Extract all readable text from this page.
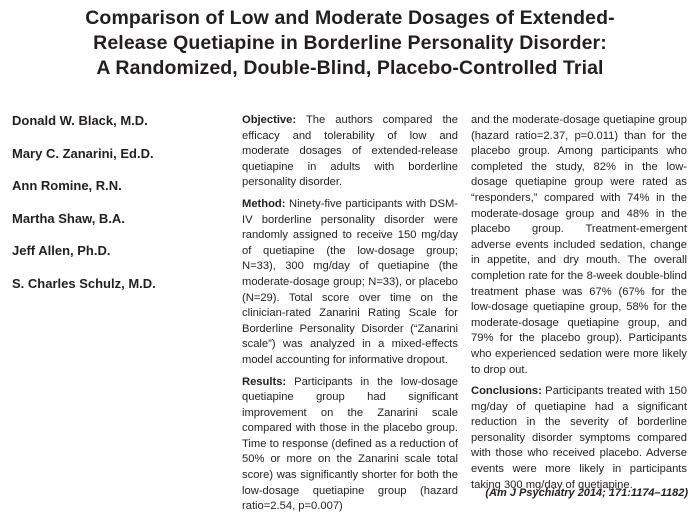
Comparison of Low and Moderate Dosages of Extended-
Release Quetiapine in Borderline Personality Disorder:
A Randomized, Double-Blind, Placebo-Controlled Trial
Donald W. Black, M.D.
Mary C. Zanarini, Ed.D.
Ann Romine, R.N.
Martha Shaw, B.A.
Jeff Allen, Ph.D.
S. Charles Schulz, M.D.

Objective: The authors compared the efficacy and tolerability of low and moderate dosages of extended-release quetiapine in adults with borderline personality disorder.

Method: Ninety-five participants with DSM-IV borderline personality disorder were randomly assigned to receive 150 mg/day of quetiapine (the low-dosage group; N=33), 300 mg/day of quetiapine (the moderate-dosage group; N=33), or placebo (N=29). Total score over time on the clinician-rated Zanarini Rating Scale for Borderline Personality Disorder (“Zanarini scale”) was analyzed in a mixed-effects model accounting for informative dropout.

Results: Participants in the low-dosage quetiapine group had significant improvement on the Zanarini scale compared with those in the placebo group. Time to response (defined as a reduction of 50% or more on the Zanarini scale total score) was significantly shorter for both the low-dosage quetiapine group (hazard ratio=2.54, p=0.007)

and the moderate-dosage quetiapine group (hazard ratio=2.37, p=0.011) than for the placebo group. Among participants who completed the study, 82% in the low-dosage quetiapine group were rated as “responders,” compared with 74% in the moderate-dosage group and 48% in the placebo group. Treatment-emergent adverse events included sedation, change in appetite, and dry mouth. The overall completion rate for the 8-week double-blind treatment phase was 67% (67% for the low-dosage quetiapine group, 58% for the moderate-dosage quetiapine group, and 79% for the placebo group). Participants who experienced sedation were more likely to drop out.

Conclusions: Participants treated with 150 mg/day of quetiapine had a significant reduction in the severity of borderline personality disorder symptoms compared with those who received placebo. Adverse events were more likely in participants taking 300 mg/day of quetiapine.

(Am J Psychiatry 2014; 171:1174–1182)
